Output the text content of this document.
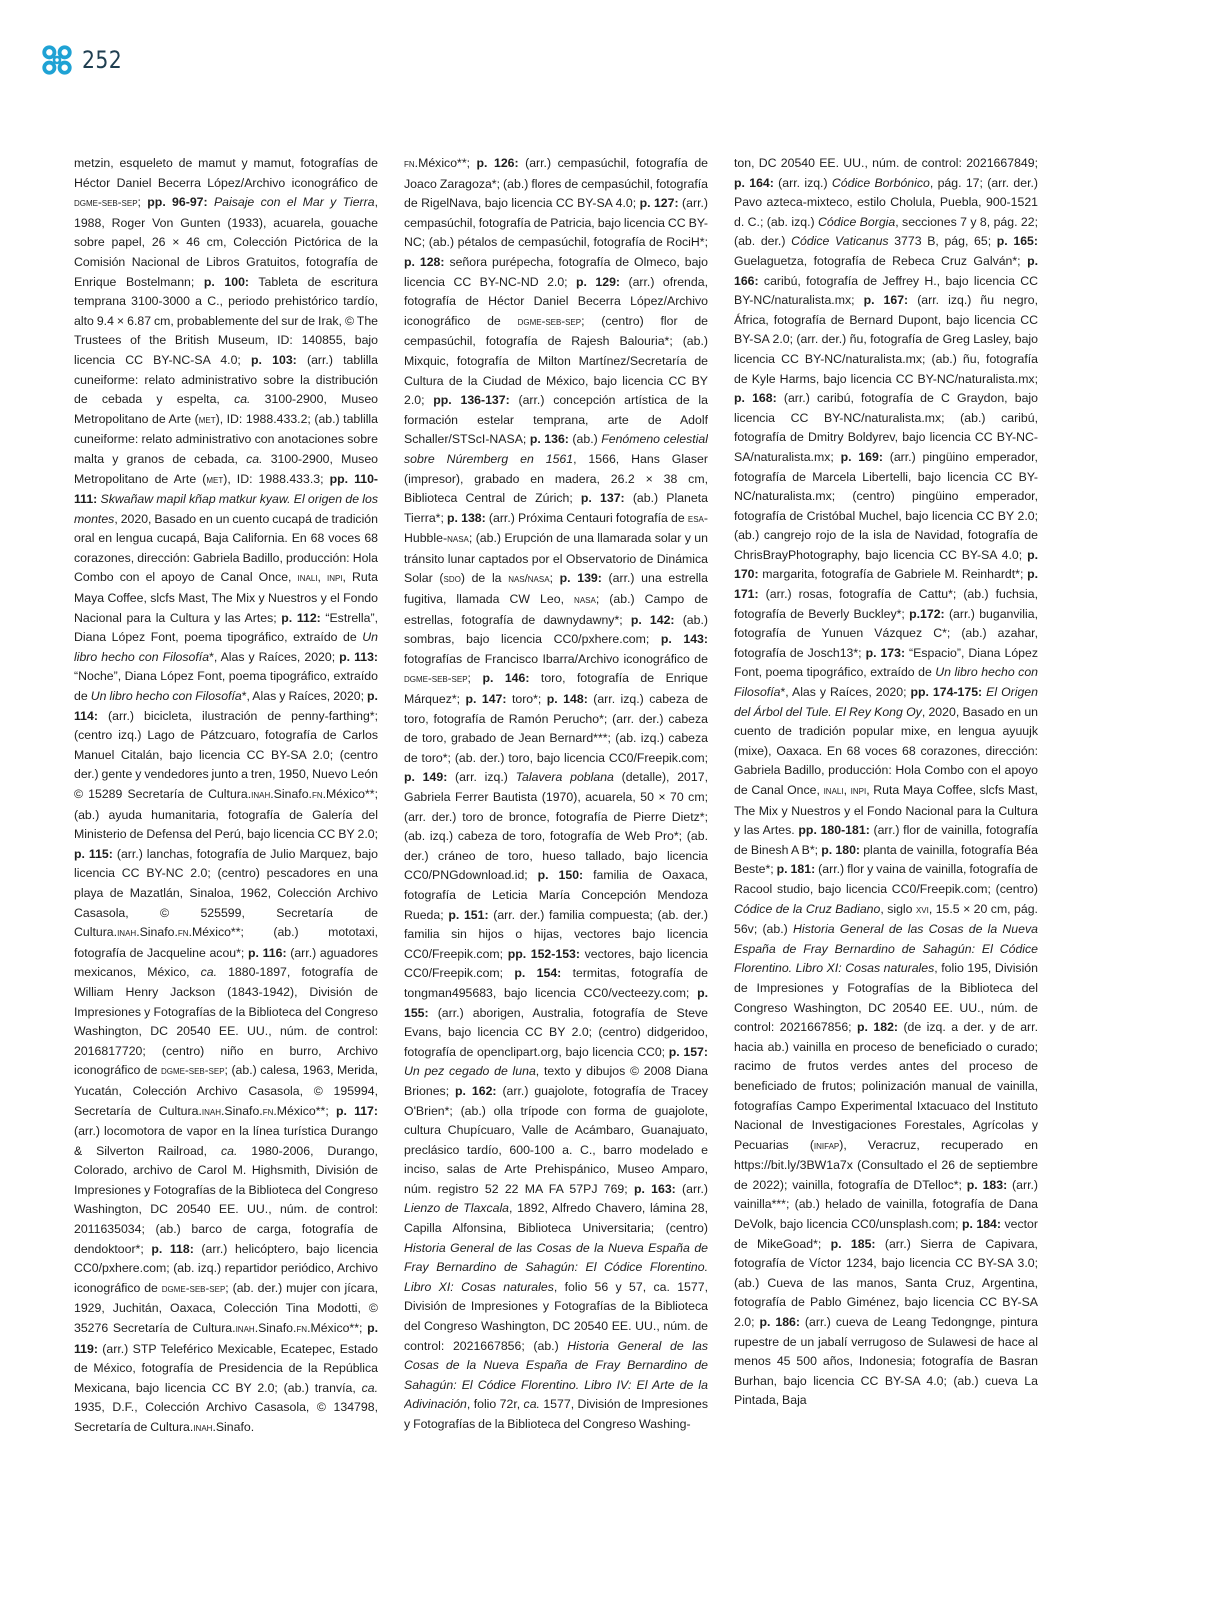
252

metzin, esqueleto de mamut y mamut, fotografías de Héctor Daniel Becerra López/Archivo iconográfico de dgme-seb-sep; pp. 96-97: Paisaje con el Mar y Tierra, 1988, Roger Von Gunten (1933), acuarela, gouache sobre papel, 26 × 46 cm, Colección Pictórica de la Comisión Nacional de Libros Gratuitos, fotografía de Enrique Bostelmann; p. 100: Tableta de escritura temprana 3100-3000 a C., periodo prehistórico tardío, alto 9.4 × 6.87 cm, probablemente del sur de Irak, © The Trustees of the British Museum, ID: 140855, bajo licencia CC BY-NC-SA 4.0; p. 103: (arr.) tablilla cuneiforme: relato administrativo sobre la distribución de cebada y espelta, ca. 3100-2900, Museo Metropolitano de Arte (met), ID: 1988.433.2; (ab.) tablilla cuneiforme: relato administrativo con anotaciones sobre malta y granos de cebada, ca. 3100-2900, Museo Metropolitano de Arte (met), ID: 1988.433.3; pp. 110-111: Skwañaw mapil kñap matkur kyaw. El origen de los montes, 2020, Basado en un cuento cucapá de tradición oral en lengua cucapá, Baja California. En 68 voces 68 corazones, dirección: Gabriela Badillo, producción: Hola Combo con el apoyo de Canal Once, inali, inpi, Ruta Maya Coffee, slcfs Mast, The Mix y Nuestros y el Fondo Nacional para la Cultura y las Artes; p. 112: “Estrella”, Diana López Font, poema tipográfico, extraído de Un libro hecho con Filosofía*, Alas y Raíces, 2020; p. 113: “Noche”, Diana López Font, poema tipográfico, extraído de Un libro hecho con Filosofía*, Alas y Raíces, 2020; p. 114: (arr.) bicicleta, ilustración de penny-farthing*; (centro izq.) Lago de Pátzcuaro, fotografía de Carlos Manuel Citalán, bajo licencia CC BY-SA 2.0; (centro der.) gente y vendedores junto a tren, 1950, Nuevo León © 15289 Secretaría de Cultura.inah.Sinafo.fn.México**; (ab.) ayuda humanitaria, fotografía de Galería del Ministerio de Defensa del Perú, bajo licencia CC BY 2.0; p. 115: (arr.) lanchas, fotografía de Julio Marquez, bajo licencia CC BY-NC 2.0; (centro) pescadores en una playa de Mazatlán, Sinaloa, 1962, Colección Archivo Casasola, © 525599, Secretaría de Cultura.inah.Sinafo.fn.México**; (ab.) mototaxi, fotografía de Jacqueline acou*; p. 116: (arr.) aguadores mexicanos, México, ca. 1880-1897, fotografía de William Henry Jackson (1843-1942), División de Impresiones y Fotografías de la Biblioteca del Congreso Washington, DC 20540 EE. UU., núm. de control: 2016817720; (centro) niño en burro, Archivo iconográfico de dgme-seb-sep; (ab.) calesa, 1963, Merida, Yucatán, Colección Archivo Casasola, © 195994, Secretaría de Cultura.inah.Sinafo.fn.México**; p. 117: (arr.) locomotora de vapor en la línea turística Durango & Silverton Railroad, ca. 1980-2006, Durango, Colorado, archivo de Carol M. Highsmith, División de Impresiones y Fotografías de la Biblioteca del Congreso Washington, DC 20540 EE. UU., núm. de control: 2011635034; (ab.) barco de carga, fotografía de dendoktoor*; p. 118: (arr.) helicóptero, bajo licencia CC0/pxhere.com; (ab. izq.) repartidor periódico, Archivo iconográfico de dgme-seb-sep; (ab. der.) mujer con jícara, 1929, Juchitán, Oaxaca, Colección Tina Modotti, © 35276 Secretaría de Cultura.inah.Sinafo.fn.México**; p. 119: (arr.) STP Teleférico Mexicable, Ecatepec, Estado de México, fotografía de Presidencia de la República Mexicana, bajo licencia CC BY 2.0; (ab.) tranvía, ca. 1935, D.F., Colección Archivo Casasola, © 134798, Secretaría de Cultura.inah.Sinafo.

fn.México**; p. 126: (arr.) cempasúchil, fotografía de Joaco Zaragoza*; (ab.) flores de cempasúchil, fotografía de RigelNava, bajo licencia CC BY-SA 4.0; p. 127: (arr.) cempasúchil, fotografía de Patricia, bajo licencia CC BY-NC; (ab.) pétalos de cempasúchil, fotografía de RociH*; p. 128: señora purépecha, fotografía de Olmeco, bajo licencia CC BY-NC-ND 2.0; p. 129: (arr.) ofrenda, fotografía de Héctor Daniel Becerra López/Archivo iconográfico de dgme-seb-sep; (centro) flor de cempasúchil, fotografía de Rajesh Balouria*; (ab.) Mixquic, fotografía de Milton Martínez/Secretaría de Cultura de la Ciudad de México, bajo licencia CC BY 2.0; pp. 136-137: (arr.) concepción artística de la formación estelar temprana, arte de Adolf Schaller/STScI-NASA; p. 136: (ab.) Fenómeno celestial sobre Núremberg en 1561, 1566, Hans Glaser (impresor), grabado en madera, 26.2 × 38 cm, Biblioteca Central de Zúrich; p. 137: (ab.) Planeta Tierra*; p. 138: (arr.) Próxima Centauri fotografía de esa-Hubble-nasa; (ab.) Erupción de una llamarada solar y un tránsito lunar captados por el Observatorio de Dinámica Solar (sdo) de la nas/nasa; p. 139: (arr.) una estrella fugitiva, llamada CW Leo, nasa; (ab.) Campo de estrellas, fotografía de dawnydawny*; p. 142: (ab.) sombras, bajo licencia CC0/pxhere.com; p. 143: fotografías de Francisco Ibarra/Archivo iconográfico de dgme-seb-sep; p. 146: toro, fotografía de Enrique Márquez*; p. 147: toro*; p. 148: (arr. izq.) cabeza de toro, fotografía de Ramón Perucho*; (arr. der.) cabeza de toro, grabado de Jean Bernard***; (ab. izq.) cabeza de toro*; (ab. der.) toro, bajo licencia CC0/Freepik.com; p. 149: (arr. izq.) Talavera poblana (detalle), 2017, Gabriela Ferrer Bautista (1970), acuarela, 50 × 70 cm; (arr. der.) toro de bronce, fotografía de Pierre Dietz*; (ab. izq.) cabeza de toro, fotografía de Web Pro*; (ab. der.) cráneo de toro, hueso tallado, bajo licencia CC0/PNGdownload.id; p. 150: familia de Oaxaca, fotografía de Leticia María Concepción Mendoza Rueda; p. 151: (arr. der.) familia compuesta; (ab. der.) familia sin hijos o hijas, vectores bajo licencia CC0/Freepik.com; pp. 152-153: vectores, bajo licencia CC0/Freepik.com; p. 154: termitas, fotografía de tongman495683, bajo licencia CC0/vecteezy.com; p. 155: (arr.) aborigen, Australia, fotografía de Steve Evans, bajo licencia CC BY 2.0; (centro) didgeridoo, fotografía de openclipart.org, bajo licencia CC0; p. 157: Un pez cegado de luna, texto y dibujos © 2008 Diana Briones; p. 162: (arr.) guajolote, fotografía de Tracey O'Brien*; (ab.) olla trípode con forma de guajolote, cultura Chupícuaro, Valle de Acámbaro, Guanajuato, preclásico tardío, 600-100 a. C., barro modelado e inciso, salas de Arte Prehispánico, Museo Amparo, núm. registro 52 22 MA FA 57PJ 769; p. 163: (arr.) Lienzo de Tlaxcala, 1892, Alfredo Chavero, lámina 28, Capilla Alfonsina, Biblioteca Universitaria; (centro) Historia General de las Cosas de la Nueva España de Fray Bernardino de Sahagún: El Códice Florentino. Libro XI: Cosas naturales, folio 56 y 57, ca. 1577, División de Impresiones y Fotografías de la Biblioteca del Congreso Washington, DC 20540 EE. UU., núm. de control: 2021667856; (ab.) Historia General de las Cosas de la Nueva España de Fray Bernardino de Sahagún: El Códice Florentino. Libro IV: El Arte de la Adivinación, folio 72r, ca. 1577, División de Impresiones y Fotografías de la Biblioteca del Congreso Washing-

ton, DC 20540 EE. UU., núm. de control: 2021667849; p. 164: (arr. izq.) Códice Borbónico, pág. 17; (arr. der.) Pavo azteca-mixteco, estilo Cholula, Puebla, 900-1521 d. C.; (ab. izq.) Códice Borgia, secciones 7 y 8, pág. 22; (ab. der.) Códice Vaticanus 3773 B, pág, 65; p. 165: Guelaguetza, fotografía de Rebeca Cruz Galván*; p. 166: caribú, fotografía de Jeffrey H., bajo licencia CC BY-NC/naturalista.mx; p. 167: (arr. izq.) ñu negro, África, fotografía de Bernard Dupont, bajo licencia CC BY-SA 2.0; (arr. der.) ñu, fotografía de Greg Lasley, bajo licencia CC BY-NC/naturalista.mx; (ab.) ñu, fotografía de Kyle Harms, bajo licencia CC BY-NC/naturalista.mx; p. 168: (arr.) caribú, fotografía de C Graydon, bajo licencia CC BY-NC/naturalista.mx; (ab.) caribú, fotografía de Dmitry Boldyrev, bajo licencia CC BY-NC-SA/naturalista.mx; p. 169: (arr.) pingüino emperador, fotografía de Marcela Libertelli, bajo licencia CC BY-NC/naturalista.mx; (centro) pingüino emperador, fotografía de Cristóbal Muchel, bajo licencia CC BY 2.0; (ab.) cangrejo rojo de la isla de Navidad, fotografía de ChrisBrayPhotography, bajo licencia CC BY-SA 4.0; p. 170: margarita, fotografía de Gabriele M. Reinhardt*; p. 171: (arr.) rosas, fotografía de Cattu*; (ab.) fuchsia, fotografía de Beverly Buckley*; p.172: (arr.) buganvilia, fotografía de Yunuen Vázquez C*; (ab.) azahar, fotografía de Josch13*; p. 173: “Espacio”, Diana López Font, poema tipográfico, extraído de Un libro hecho con Filosofía*, Alas y Raíces, 2020; pp. 174-175: El Origen del Árbol del Tule. El Rey Kong Oy, 2020, Basado en un cuento de tradición popular mixe, en lengua ayuujk (mixe), Oaxaca. En 68 voces 68 corazones, dirección: Gabriela Badillo, producción: Hola Combo con el apoyo de Canal Once, inali, inpi, Ruta Maya Coffee, slcfs Mast, The Mix y Nuestros y el Fondo Nacional para la Cultura y las Artes. pp. 180-181: (arr.) flor de vainilla, fotografía de Binesh A B*; p. 180: planta de vainilla, fotografía Béa Beste*; p. 181: (arr.) flor y vaina de vainilla, fotografía de Racool studio, bajo licencia CC0/Freepik.com; (centro) Códice de la Cruz Badiano, siglo xvi, 15.5 × 20 cm, pág. 56v; (ab.) Historia General de las Cosas de la Nueva España de Fray Bernardino de Sahagún: El Códice Florentino. Libro XI: Cosas naturales, folio 195, División de Impresiones y Fotografías de la Biblioteca del Congreso Washington, DC 20540 EE. UU., núm. de control: 2021667856; p. 182: (de izq. a der. y de arr. hacia ab.) vainilla en proceso de beneficiado o curado; racimo de frutos verdes antes del proceso de beneficiado de frutos; polinización manual de vainilla, fotografías Campo Experimental Ixtacuaco del Instituto Nacional de Investigaciones Forestales, Agrícolas y Pecuarias (inifap), Veracruz, recuperado en https://bit.ly/3BW1a7x (Consultado el 26 de septiembre de 2022); vainilla, fotografía de DTelloc*; p. 183: (arr.) vainilla***; (ab.) helado de vainilla, fotografía de Dana DeVolk, bajo licencia CC0/unsplash.com; p. 184: vector de MikeGoad*; p. 185: (arr.) Sierra de Capivara, fotografía de Víctor 1234, bajo licencia CC BY-SA 3.0; (ab.) Cueva de las manos, Santa Cruz, Argentina, fotografía de Pablo Giménez, bajo licencia CC BY-SA 2.0; p. 186: (arr.) cueva de Leang Tedongnge, pintura rupestre de un jabalí verrugoso de Sulawesi de hace al menos 45 500 años, Indonesia; fotografía de Basran Burhan, bajo licencia CC BY-SA 4.0; (ab.) cueva La Pintada, Baja
